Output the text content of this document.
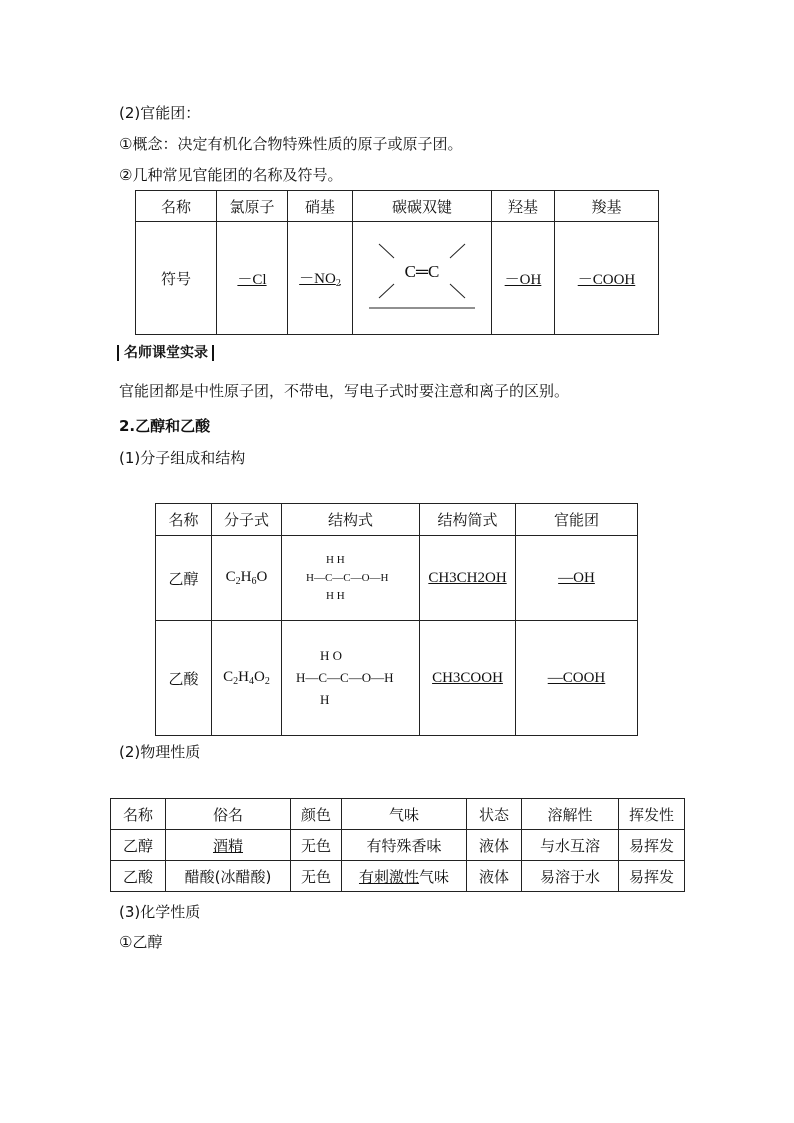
(2)官能团：
①概念：决定有机化合物特殊性质的原子或原子团。
②几种常见官能团的名称及符号。
名称	氯原子	硝基	碳碳双键	羟基	羧基
符号	－Cl	$-NO_2$	C═C	－OH	－COOH
名师课堂实录
官能团都是中性原子团，不带电，写电子式时要注意和离子的区别。
2.乙醇和乙酸
(1)分子组成和结构
名称	分子式	结构式	结构简式	官能团
乙醇	$C_2H_6O$	H H
H—C—C—O—H
H H	CH3CH2OH	—OH
乙酸	$C_2H_4O_2$	H O
H—C—C—O—H
H	CH3COOH	—COOH
(2)物理性质
名称	俗名	颜色	气味	状态	溶解性	挥发性
乙醇	酒精	无色	有特殊香味	液体	与水互溶	易挥发
乙酸	醋酸(冰醋酸)	无色	有刺激性气味	液体	易溶于水	易挥发
(3)化学性质
①乙醇
